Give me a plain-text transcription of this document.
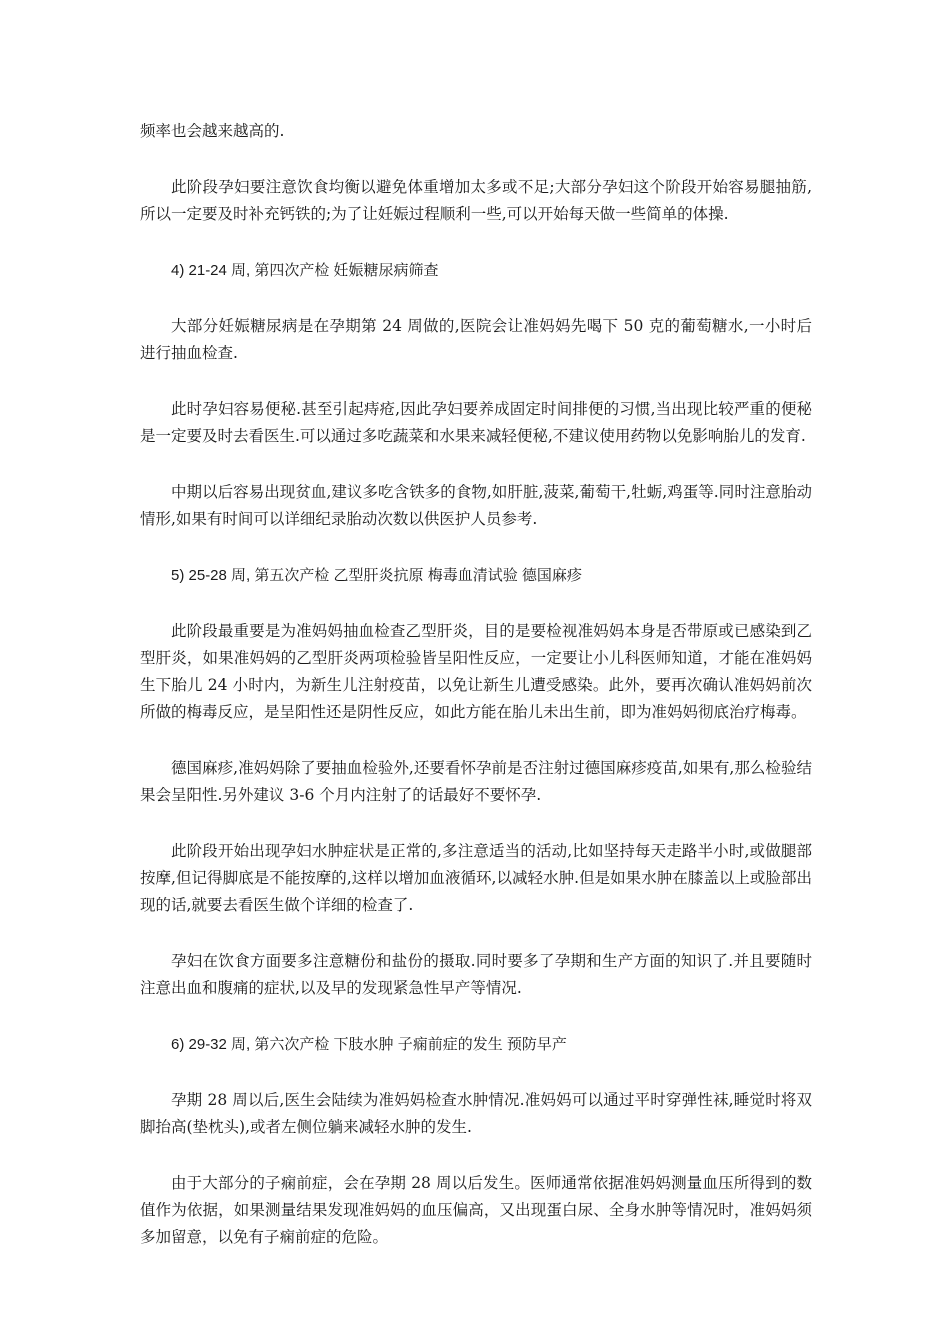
频率也会越来越高的.

此阶段孕妇要注意饮食均衡以避免体重增加太多或不足;大部分孕妇这个阶段开始容易腿抽筋,所以一定要及时补充钙铁的;为了让妊娠过程顺利一些,可以开始每天做一些简单的体操.

4) 21-24 周, 第四次产检 妊娠糖尿病筛查

大部分妊娠糖尿病是在孕期第 24 周做的,医院会让准妈妈先喝下 50 克的葡萄糖水,一小时后进行抽血检查.

此时孕妇容易便秘.甚至引起痔疮,因此孕妇要养成固定时间排便的习惯,当出现比较严重的便秘是一定要及时去看医生.可以通过多吃蔬菜和水果来减轻便秘,不建议使用药物以免影响胎儿的发育.

中期以后容易出现贫血,建议多吃含铁多的食物,如肝脏,菠菜,葡萄干,牡蛎,鸡蛋等.同时注意胎动情形,如果有时间可以详细纪录胎动次数以供医护人员参考.

5) 25-28 周, 第五次产检 乙型肝炎抗原 梅毒血清试验 德国麻疹

此阶段最重要是为准妈妈抽血检查乙型肝炎，目的是要检视准妈妈本身是否带原或已感染到乙型肝炎，如果准妈妈的乙型肝炎两项检验皆呈阳性反应，一定要让小儿科医师知道，才能在准妈妈生下胎儿 24 小时内，为新生儿注射疫苗，以免让新生儿遭受感染。此外，要再次确认准妈妈前次所做的梅毒反应，是呈阳性还是阴性反应，如此方能在胎儿未出生前，即为准妈妈彻底治疗梅毒。

德国麻疹,准妈妈除了要抽血检验外,还要看怀孕前是否注射过德国麻疹疫苗,如果有,那么检验结果会呈阳性.另外建议 3-6 个月内注射了的话最好不要怀孕.

此阶段开始出现孕妇水肿症状是正常的,多注意适当的活动,比如坚持每天走路半小时,或做腿部按摩,但记得脚底是不能按摩的,这样以增加血液循环,以减轻水肿.但是如果水肿在膝盖以上或脸部出现的话,就要去看医生做个详细的检查了.

孕妇在饮食方面要多注意糖份和盐份的摄取.同时要多了孕期和生产方面的知识了.并且要随时注意出血和腹痛的症状,以及早的发现紧急性早产等情况.

6) 29-32 周, 第六次产检 下肢水肿 子痫前症的发生 预防早产

孕期 28 周以后,医生会陆续为准妈妈检查水肿情况.准妈妈可以通过平时穿弹性袜,睡觉时将双脚抬高(垫枕头),或者左侧位躺来减轻水肿的发生.

由于大部分的子痫前症，会在孕期 28 周以后发生。医师通常依据准妈妈测量血压所得到的数值作为依据，如果测量结果发现准妈妈的血压偏高，又出现蛋白尿、全身水肿等情况时，准妈妈须多加留意，以免有子痫前症的危险。
